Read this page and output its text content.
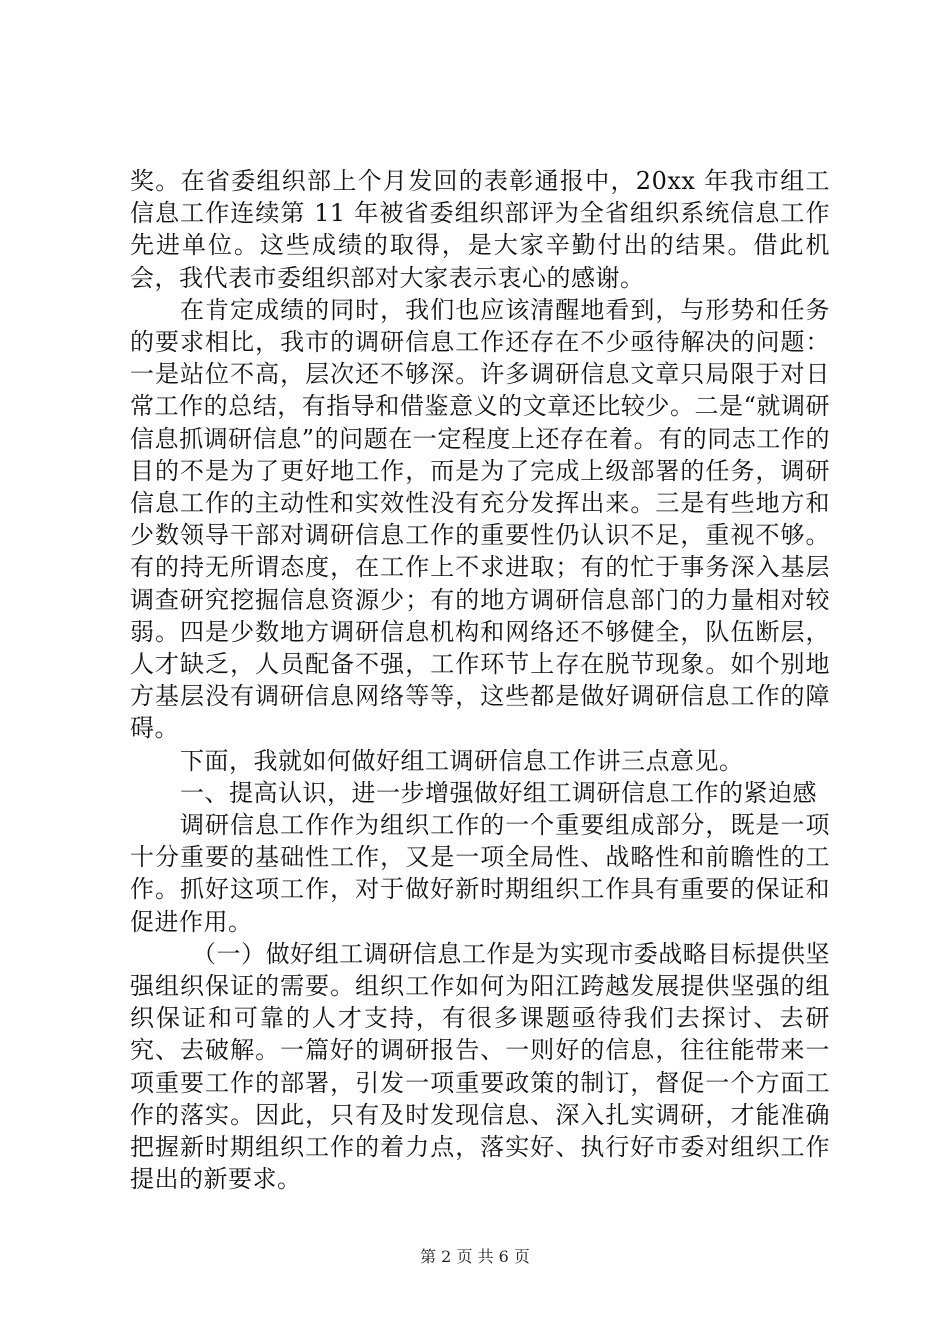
奖。在省委组织部上个月发回的表彰通报中，20xx 年我市组工信息工作连续第 11 年被省委组织部评为全省组织系统信息工作先进单位。这些成绩的取得，是大家辛勤付出的结果。借此机会，我代表市委组织部对大家表示衷心的感谢。

在肯定成绩的同时，我们也应该清醒地看到，与形势和任务的要求相比，我市的调研信息工作还存在不少亟待解决的问题：一是站位不高，层次还不够深。许多调研信息文章只局限于对日常工作的总结，有指导和借鉴意义的文章还比较少。二是“就调研信息抓调研信息”的问题在一定程度上还存在着。有的同志工作的目的不是为了更好地工作，而是为了完成上级部署的任务，调研信息工作的主动性和实效性没有充分发挥出来。三是有些地方和少数领导干部对调研信息工作的重要性仍认识不足，重视不够。有的持无所谓态度，在工作上不求进取；有的忙于事务深入基层调查研究挖掘信息资源少；有的地方调研信息部门的力量相对较弱。四是少数地方调研信息机构和网络还不够健全，队伍断层，人才缺乏，人员配备不强，工作环节上存在脱节现象。如个别地方基层没有调研信息网络等等，这些都是做好调研信息工作的障碍。

下面，我就如何做好组工调研信息工作讲三点意见。

一、提高认识，进一步增强做好组工调研信息工作的紧迫感

调研信息工作作为组织工作的一个重要组成部分，既是一项十分重要的基础性工作，又是一项全局性、战略性和前瞻性的工作。抓好这项工作，对于做好新时期组织工作具有重要的保证和促进作用。

（一）做好组工调研信息工作是为实现市委战略目标提供坚强组织保证的需要。组织工作如何为阳江跨越发展提供坚强的组织保证和可靠的人才支持，有很多课题亟待我们去探讨、去研究、去破解。一篇好的调研报告、一则好的信息，往往能带来一项重要工作的部署，引发一项重要政策的制订，督促一个方面工作的落实。因此，只有及时发现信息、深入扎实调研，才能准确把握新时期组织工作的着力点，落实好、执行好市委对组织工作提出的新要求。

第 2 页 共 6 页
